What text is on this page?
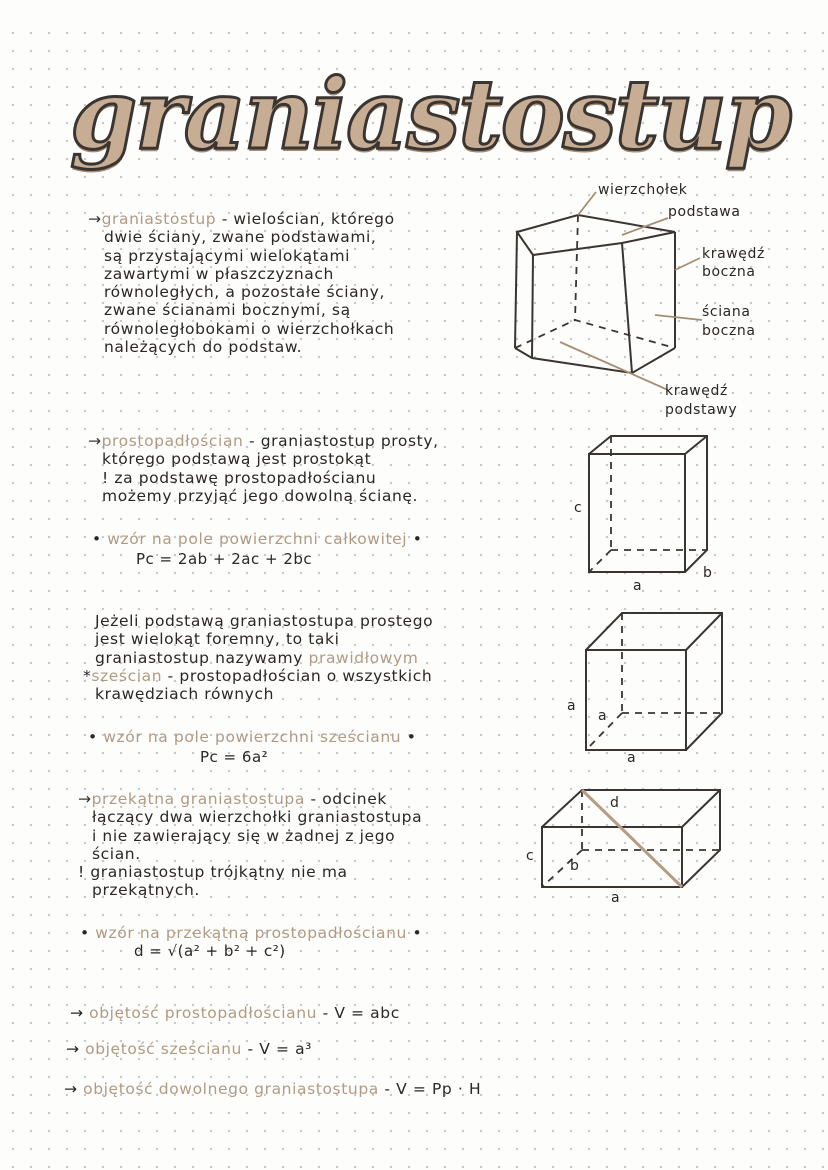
graniastostup

→graniastostup - wielościan, którego

dwie ściany, zwane podstawami,

są przystającymi wielokątami

zawartymi w płaszczyznach

równoległych, a pozostałe ściany,

zwane ścianami bocznymi, są

równoległobokami o wierzchołkach

należących do podstaw.

wierzchołek
podstawa
krawędź
boczna
ściana
boczna
krawędź
podstawy

→prostopadłościan - graniastostup prosty,

którego podstawą jest prostokąt

! za podstawę prostopadłościanu

możemy przyjąć jego dowolną ścianę.

• wzór na pole powierzchni całkowitej •
Pc = 2ab + 2ac + 2bc
c
a
b

Jeżeli podstawą graniastostupa prostego

jest wielokąt foremny, to taki

graniastostup nazywamy prawidłowym

*sześcian - prostopadłościan o wszystkich

krawędziach równych

• wzór na pole powierzchni sześcianu •
Pc = 6a²
a
a
a

→przekątna graniastostupa - odcinek

łączący dwa wierzchołki graniastostupa

i nie zawierający się w żadnej z jego

ścian.

! graniastostup trójkątny nie ma

przekątnych.

• wzór na przekątną prostopadłościanu •
d = √(a² + b² + c²)
d
c
b
a
→ objętość prostopadłościanu - V = abc
→ objętość sześcianu - V = a³
→ objętość dowolnego graniastostupa - V = Pp · H
